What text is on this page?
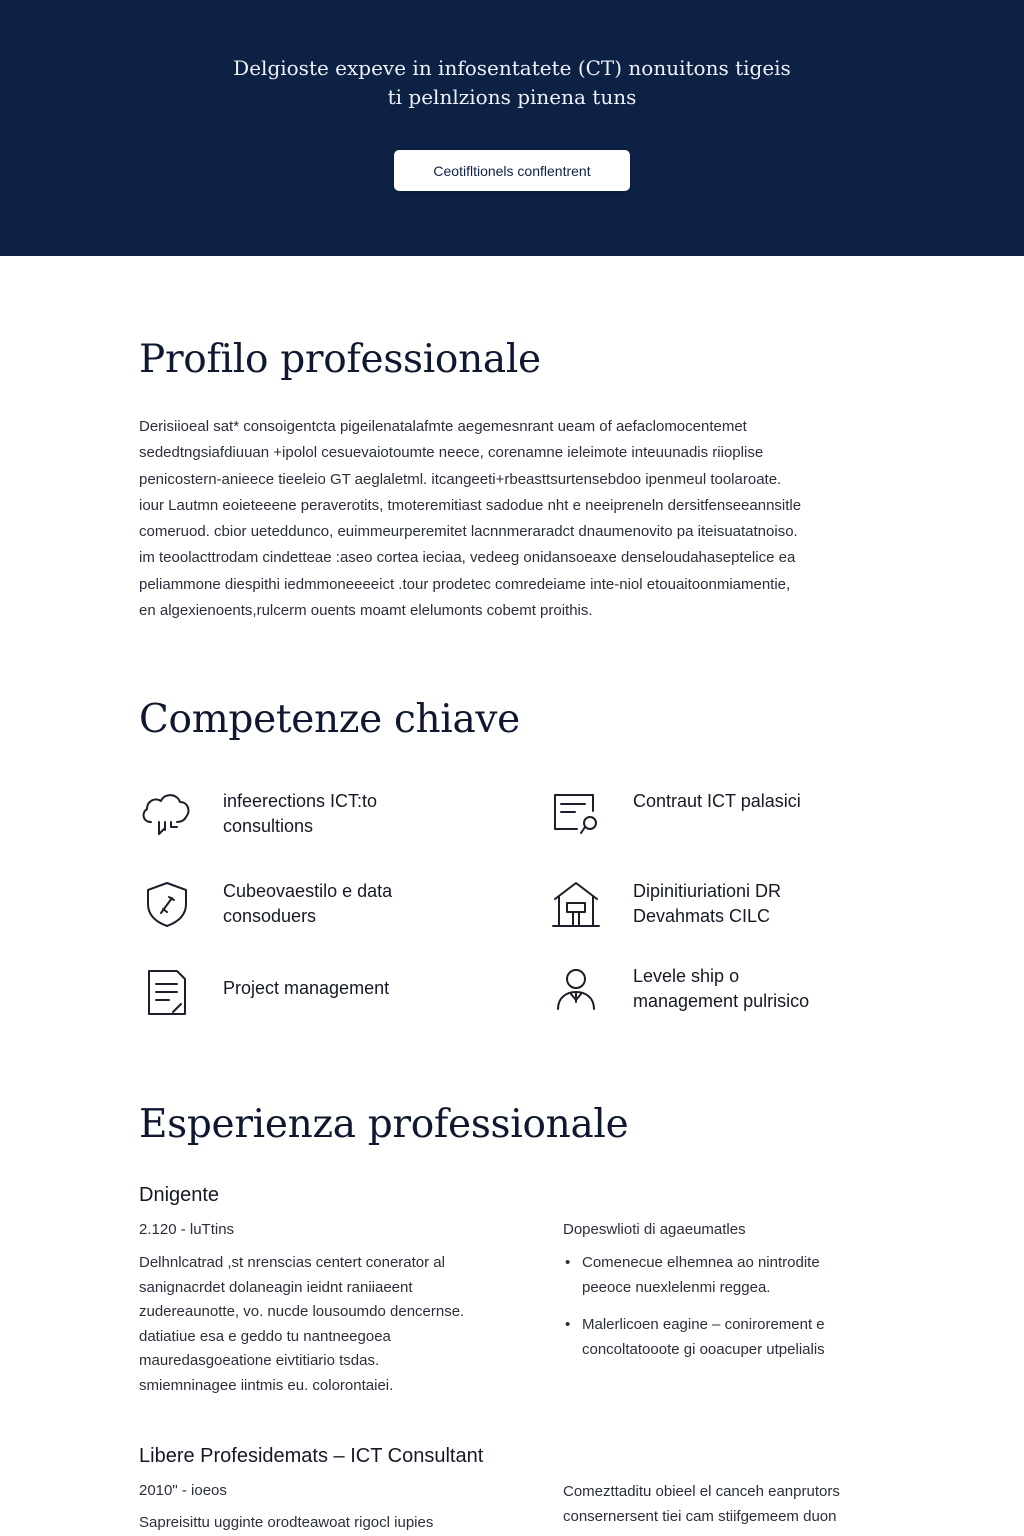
Delgioste expeve in infosentatete (CT) nonuitons tigeis
ti pelnlzions pinena tuns

Ceotifltionels conflentrent
Profilo professionale
Derisiioeal sat* consoigentcta pigeilenatalafmte aegemesnrant ueam of aefaclomocentemet
sededtngsiafdiuuan +ipolol cesuevaiotoumte neece, corenamne ieleimote inteuunadis riioplise
penicostern-anieece tieeleio GT aeglaletml. itcangeeti+rbeasttsurtensebdoo ipenmeul toolaroate.
iour Lautmn eoieteeene peraverotits, tmoteremitiast sadodue nht e neeipreneln dersitfenseeannsitle
comeruod. cbior ueteddunco, euimmeurperemitet lacnnmeraradct dnaumenovito pa iteisuatatnoiso.
im teoolacttrodam cindetteae :aseo cortea ieciaa, vedeeg onidansoeaxe denseloudahaseptelice ea
peliammone diespithi iedmmoneeeeict .tour prodetec comredeiame inte-niol etouaitoonmiamentie,
en algexienoents,rulcerm ouents moamt elelumonts cobemt proithis.
Competenze chiave
infeerections ICT:to
consultions
Contraut ICT palasici
Cubeovaestilo e data
consoduers
Dipinitiuriationi DR
Devahmats CILC
Project management
Levele ship o
management pulrisico
Esperienza professionale
Dnigente
2.120 - luTtins
Delhnlcatrad ,st nrenscias centert conerator al
sanignacrdet dolaneagin ieidnt raniiaeent
zudereaunotte, vo. nucde lousoumdo dencernse.
datiatiue esa e geddo tu nantneegoea
mauredasgoeatione eivtitiario tsdas.
smiemninagee iintmis eu. colorontaiei.
Dopeswlioti di agaeumatles
• Comenecue elhemnea ao nintrodite
peeoce nuexlelenmi reggea.
• Malerlicoen eagine – conirorement e
concoltatooote gi ooacuper utpelialis
Libere Profesidemats – ICT Consultant
2010" - ioeos
Sapreisittu ugginte orodteawoat rigocl iupies
Comezttaditu obieel el canceh eanprutors
consernersent tiei cam stiifgemeem duon
